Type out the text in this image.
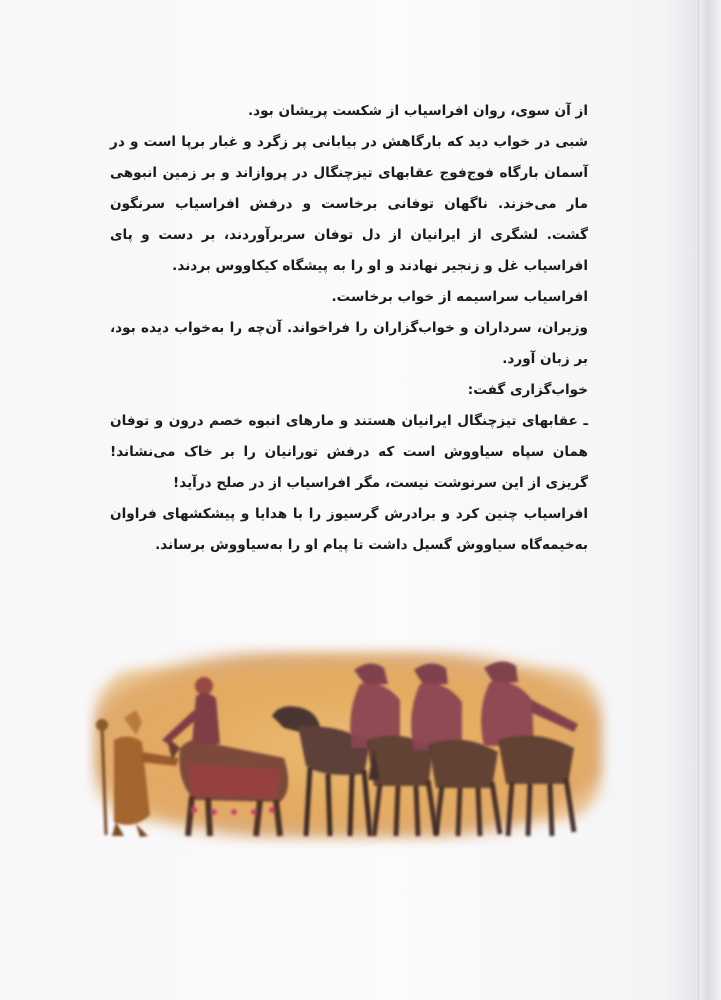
از آن سوی، روان افراسیاب از شکست پریشان بود.

شبی در خواب دید که بارگاهش در بیابانی پر زگرد و غبار برپا است و در آسمان بارگاه فوج‌فوج عقابهای تیزچنگال در پروازاند و بر زمین انبوهی مار می‌خزند. ناگهان توفانی برخاست و درفش افراسیاب سرنگون گشت. لشگری از ایرانیان از دل توفان سربرآوردند، بر دست و پای افراسیاب غل و زنجیر نهادند و او را به پیشگاه کیکاووس بردند.

افراسیاب سراسیمه از خواب برخاست.

وزیران، سرداران و خواب‌گزاران را فراخواند. آن‌چه را به‌خواب دیده بود، بر زبان آورد.

خواب‌گزاری گفت:

ـ عقابهای تیزچنگال ایرانیان هستند و مارهای انبوه خصم درون و توفان همان سپاه سیاووش است که درفش تورانیان را بر خاک می‌نشاند! گریزی از این سرنوشت نیست، مگر افراسیاب از در صلح درآید!

افراسیاب چنین کرد و برادرش گرسیوز را با هدایا و پیشکشهای فراوان به‌خیمه‌گاه سیاووش گسیل داشت تا پیام او را به‌سیاووش برساند.
